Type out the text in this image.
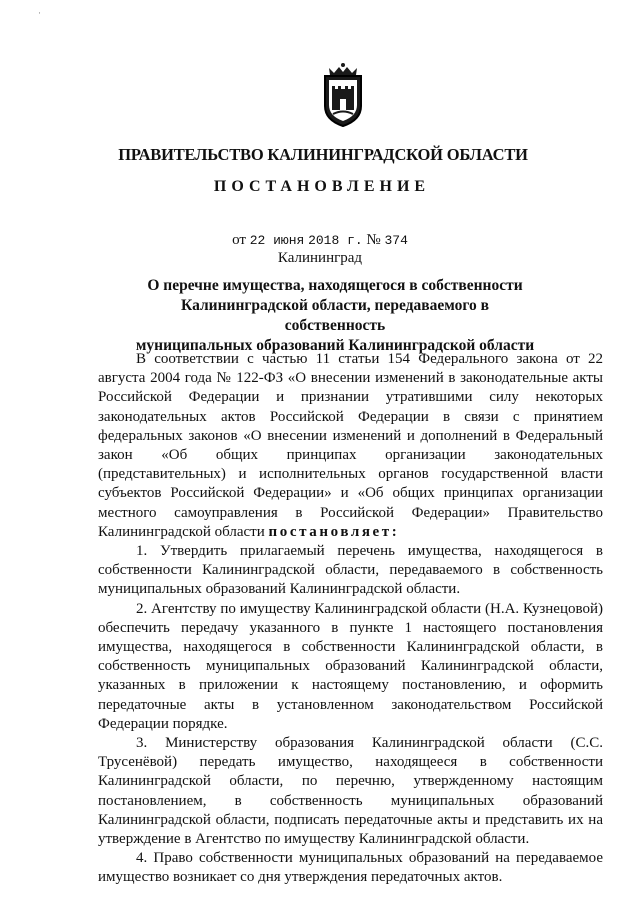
·
ПРАВИТЕЛЬСТВО КАЛИНИНГРАДСКОЙ ОБЛАСТИ
ПОСТАНОВЛЕНИЕ
от 22 июня 2018 г. № 374
Калининград
О перечне имущества, находящегося в собственности
Калининградской области, передаваемого в собственность
муниципальных образований Калининградской области

В соответствии с частью 11 статьи 154 Федерального закона от 22 августа 2004 года № 122-ФЗ «О внесении изменений в законодательные акты Российской Федерации и признании утратившими силу некоторых законодательных актов Российской Федерации в связи с принятием федеральных законов «О внесении изменений и дополнений в Федеральный закон «Об общих принципах организации законодательных (представительных) и исполнительных органов государственной власти субъектов Российской Федерации» и «Об общих принципах организации местного самоуправления в Российской Федерации» Правительство Калининградской области постановляет:

1. Утвердить прилагаемый перечень имущества, находящегося в собственности Калининградской области, передаваемого в собственность муниципальных образований Калининградской области.

2. Агентству по имуществу Калининградской области (Н.А. Кузнецовой) обеспечить передачу указанного в пункте 1 настоящего постановления имущества, находящегося в собственности Калининградской области, в собственность муниципальных образований Калининградской области, указанных в приложении к настоящему постановлению, и оформить передаточные акты в установленном законодательством Российской Федерации порядке.

3. Министерству образования Калининградской области (С.С. Трусенёвой) передать имущество, находящееся в собственности Калининградской области, по перечню, утвержденному настоящим постановлением, в собственность муниципальных образований Калининградской области, подписать передаточные акты и представить их на утверждение в Агентство по имуществу Калининградской области.

4. Право собственности муниципальных образований на передаваемое имущество возникает со дня утверждения передаточных актов.
